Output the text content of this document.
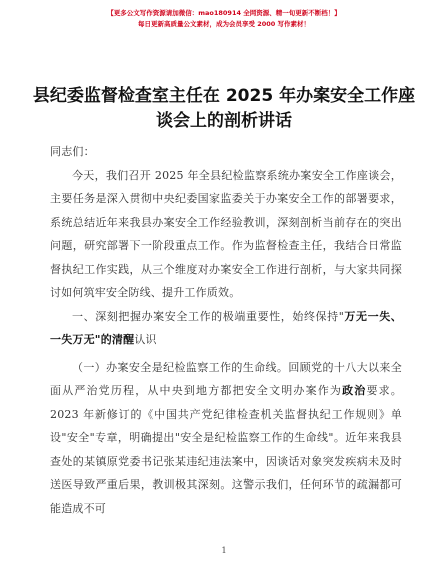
【更多公文写作资源请加微信：mao180914 全网资源、精一旬更新不断档！】
每日更新高质量公文素材，成为会员享受 2000 写作素材！
县纪委监督检查室主任在 2025 年办案安全工作座谈会上的剖析讲话

同志们：

今天，我们召开 2025 年全县纪检监察系统办案安全工作座谈会，主要任务是深入贯彻中央纪委国家监委关于办案安全工作的部署要求，系统总结近年来我县办案安全工作经验教训，深刻剖析当前存在的突出问题，研究部署下一阶段重点工作。作为监督检查主任，我结合日常监督执纪工作实践，从三个维度对办案安全工作进行剖析，与大家共同探讨如何筑牢安全防线、提升工作质效。

一、深刻把握办案安全工作的极端重要性，始终保持"万无一失、一失万无"的清醒认识

（一）办案安全是纪检监察工作的生命线。回顾党的十八大以来全面从严治党历程，从中央到地方都把安全文明办案作为政治要求。2023 年新修订的《中国共产党纪律检查机关监督执纪工作规则》单设"安全"专章，明确提出"安全是纪检监察工作的生命线"。近年来我县查处的某镇原党委书记张某违纪违法案中，因谈话对象突发疾病未及时送医导致严重后果，教训极其深刻。这警示我们，任何环节的疏漏都可能造成不可

1
